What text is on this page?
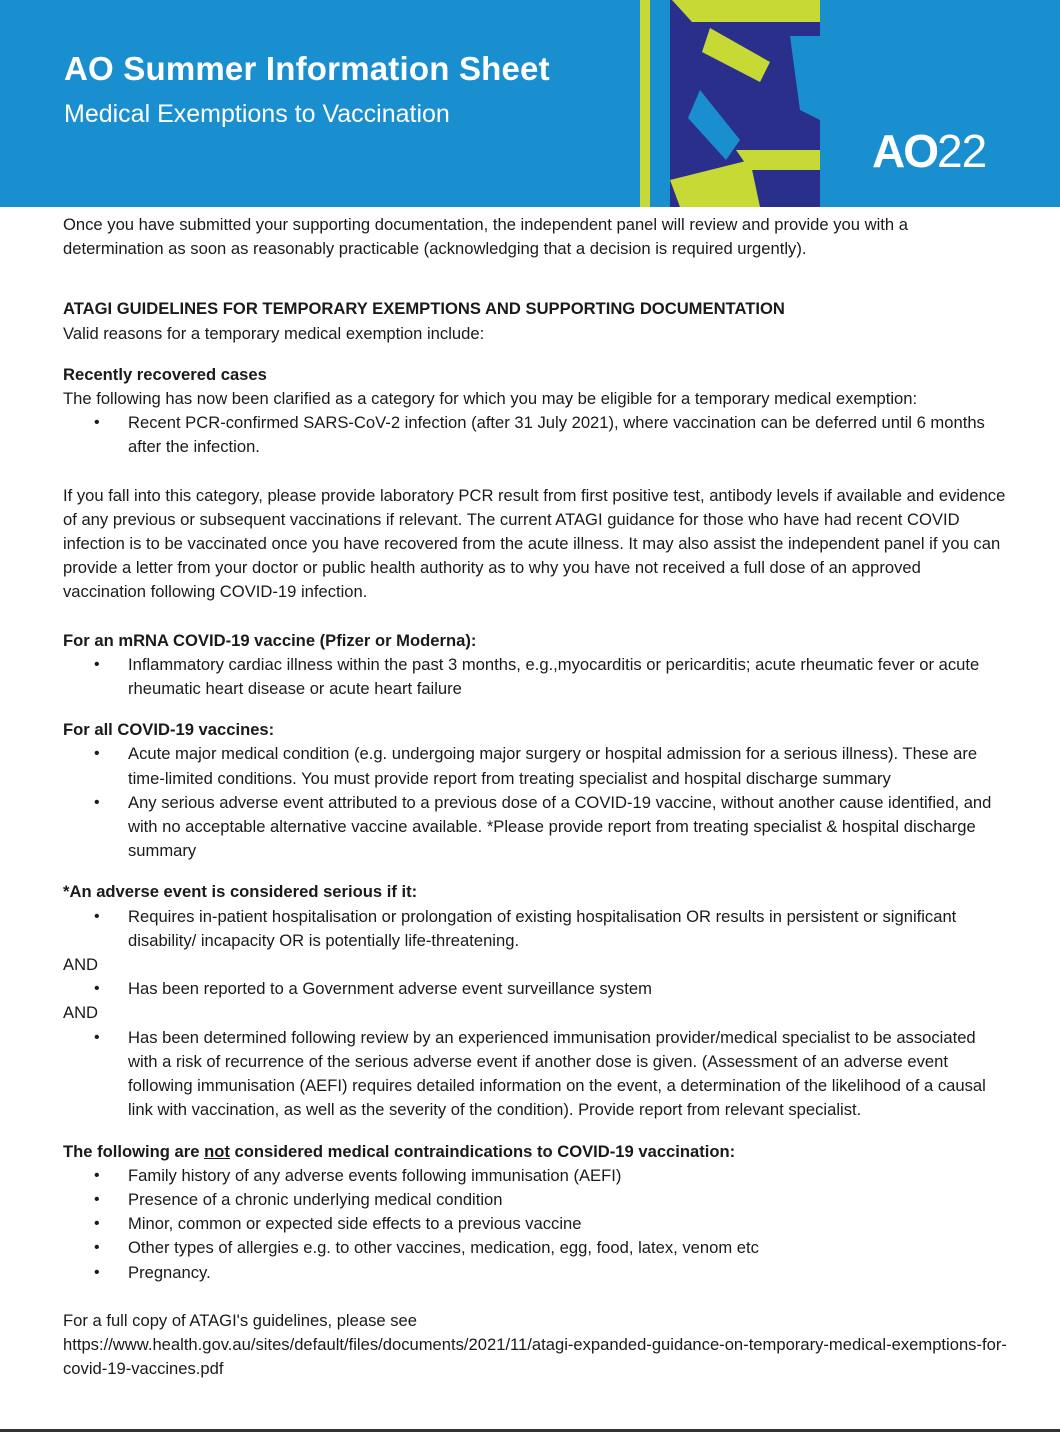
AO Summer Information Sheet
Medical Exemptions to Vaccination
AO22

Once you have submitted your supporting documentation, the independent panel will review and provide you with a determination as soon as reasonably practicable (acknowledging that a decision is required urgently).

ATAGI GUIDELINES FOR TEMPORARY EXEMPTIONS AND SUPPORTING DOCUMENTATION

Valid reasons for a temporary medical exemption include:

Recently recovered cases

The following has now been clarified as a category for which you may be eligible for a temporary medical exemption:

• Recent PCR-confirmed SARS-CoV-2 infection (after 31 July 2021), where vaccination can be deferred until 6 months after the infection.

If you fall into this category, please provide laboratory PCR result from first positive test, antibody levels if available and evidence of any previous or subsequent vaccinations if relevant. The current ATAGI guidance for those who have had recent COVID infection is to be vaccinated once you have recovered from the acute illness. It may also assist the independent panel if you can provide a letter from your doctor or public health authority as to why you have not received a full dose of an approved vaccination following COVID-19 infection.

For an mRNA COVID-19 vaccine (Pfizer or Moderna):

• Inflammatory cardiac illness within the past 3 months, e.g.,myocarditis or pericarditis; acute rheumatic fever or acute rheumatic heart disease or acute heart failure

For all COVID-19 vaccines:

• Acute major medical condition (e.g. undergoing major surgery or hospital admission for a serious illness). These are time-limited conditions. You must provide report from treating specialist and hospital discharge summary
• Any serious adverse event attributed to a previous dose of a COVID-19 vaccine, without another cause identified, and with no acceptable alternative vaccine available. *Please provide report from treating specialist & hospital discharge summary

*An adverse event is considered serious if it:

• Requires in-patient hospitalisation or prolongation of existing hospitalisation OR results in persistent or significant disability/ incapacity OR is potentially life-threatening.

AND

• Has been reported to a Government adverse event surveillance system

AND

• Has been determined following review by an experienced immunisation provider/medical specialist to be associated with a risk of recurrence of the serious adverse event if another dose is given. (Assessment of an adverse event following immunisation (AEFI) requires detailed information on the event, a determination of the likelihood of a causal link with vaccination, as well as the severity of the condition). Provide report from relevant specialist.

The following are not considered medical contraindications to COVID-19 vaccination:

• Family history of any adverse events following immunisation (AEFI)
• Presence of a chronic underlying medical condition
• Minor, common or expected side effects to a previous vaccine
• Other types of allergies e.g. to other vaccines, medication, egg, food, latex, venom etc
• Pregnancy.

For a full copy of ATAGI's guidelines, please see

https://www.health.gov.au/sites/default/files/documents/2021/11/atagi-expanded-guidance-on-temporary-medical-exemptions-for-covid-19-vaccines.pdf
